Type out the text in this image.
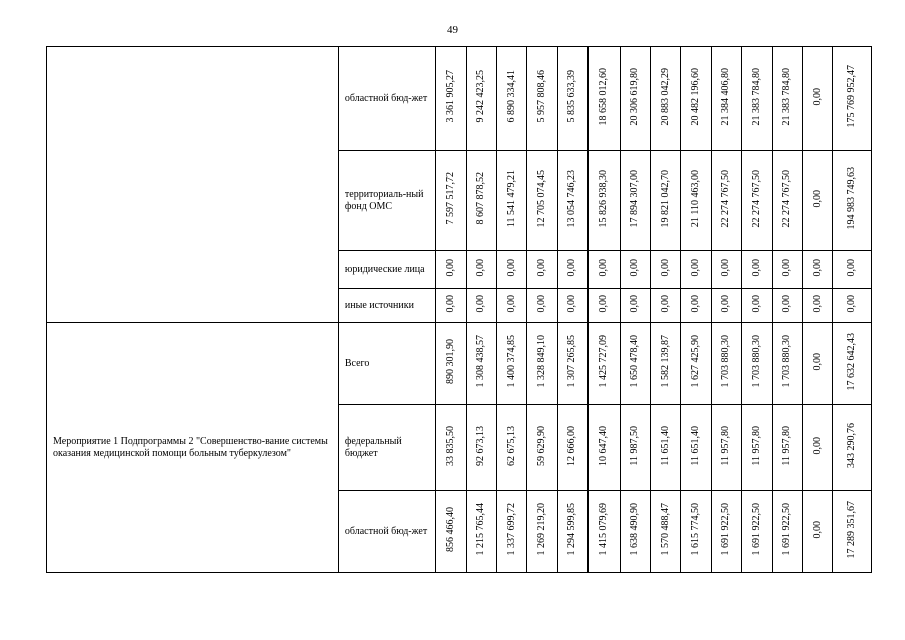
49
	областной бюд-жет	3 361 905,27	9 242 423,25	6 890 334,41	5 957 808,46	5 835 633,39	18 658 012,60	20 306 619,80	20 883 042,29	20 482 196,60	21 384 406,80	21 383 784,80	21 383 784,80	0,00	175 769 952,47
	территориаль-ный фонд ОМС	7 597 517,72	8 607 878,52	11 541 479,21	12 705 074,45	13 054 746,23	15 826 938,30	17 894 307,00	19 821 042,70	21 110 463,00	22 274 767,50	22 274 767,50	22 274 767,50	0,00	194 983 749,63
	юридические лица	0,00	0,00	0,00	0,00	0,00	0,00	0,00	0,00	0,00	0,00	0,00	0,00	0,00	0,00
	иные источники	0,00	0,00	0,00	0,00	0,00	0,00	0,00	0,00	0,00	0,00	0,00	0,00	0,00	0,00
Мероприятие 1 Подпрограммы 2 "Совершенство-вание системы оказания медицинской помощи больным туберкулезом"	Всего	890 301,90	1 308 438,57	1 400 374,85	1 328 849,10	1 307 265,85	1 425 727,09	1 650 478,40	1 582 139,87	1 627 425,90	1 703 880,30	1 703 880,30	1 703 880,30	0,00	17 632 642,43
	федеральный бюджет	33 835,50	92 673,13	62 675,13	59 629,90	12 666,00	10 647,40	11 987,50	11 651,40	11 651,40	11 957,80	11 957,80	11 957,80	0,00	343 290,76
	областной бюд-жет	856 466,40	1 215 765,44	1 337 699,72	1 269 219,20	1 294 599,85	1 415 079,69	1 638 490,90	1 570 488,47	1 615 774,50	1 691 922,50	1 691 922,50	1 691 922,50	0,00	17 289 351,67
